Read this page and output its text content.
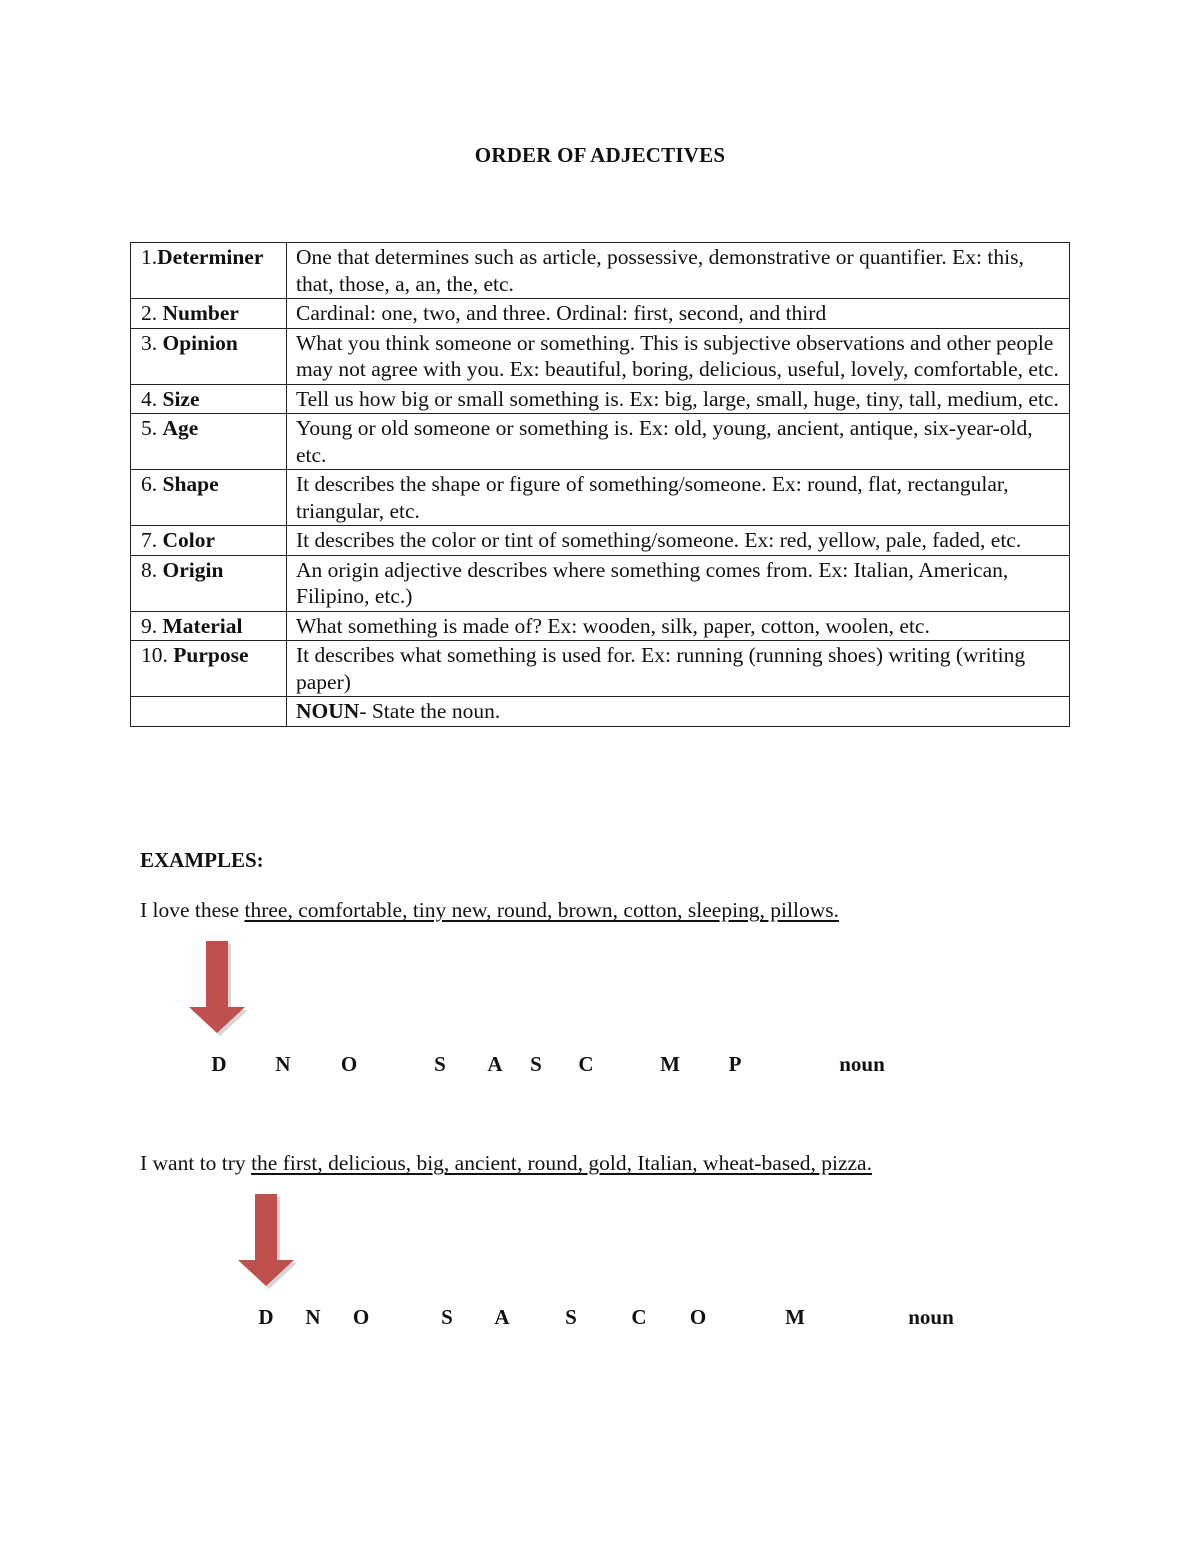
ORDER OF ADJECTIVES
1.Determiner	One that determines such as article, possessive, demonstrative or quantifier. Ex: this, that, those, a, an, the, etc.
2. Number	Cardinal: one, two, and three. Ordinal: first, second, and third
3. Opinion	What you think someone or something. This is subjective observations and other people may not agree with you. Ex: beautiful, boring, delicious, useful, lovely, comfortable, etc.
4. Size	Tell us how big or small something is. Ex: big, large, small, huge, tiny, tall, medium, etc.
5. Age	Young or old someone or something is. Ex: old, young, ancient, antique, six-year-old, etc.
6. Shape	It describes the shape or figure of something/someone. Ex: round, flat, rectangular, triangular, etc.
7. Color	It describes the color or tint of something/someone. Ex: red, yellow, pale, faded, etc.
8. Origin	An origin adjective describes where something comes from. Ex: Italian, American, Filipino, etc.)
9. Material	What something is made of? Ex: wooden, silk, paper, cotton, woolen, etc.
10. Purpose	It describes what something is used for. Ex: running (running shoes) writing (writing paper)
	NOUN- State the noun.
EXAMPLES:
I love these three, comfortable, tiny new, round, brown, cotton, sleeping, pillows.
D N O	S A S C	M P	noun
I want to try the first, delicious, big, ancient, round, gold, Italian, wheat-based, pizza.
D N O	S A	S	C O	M	noun
